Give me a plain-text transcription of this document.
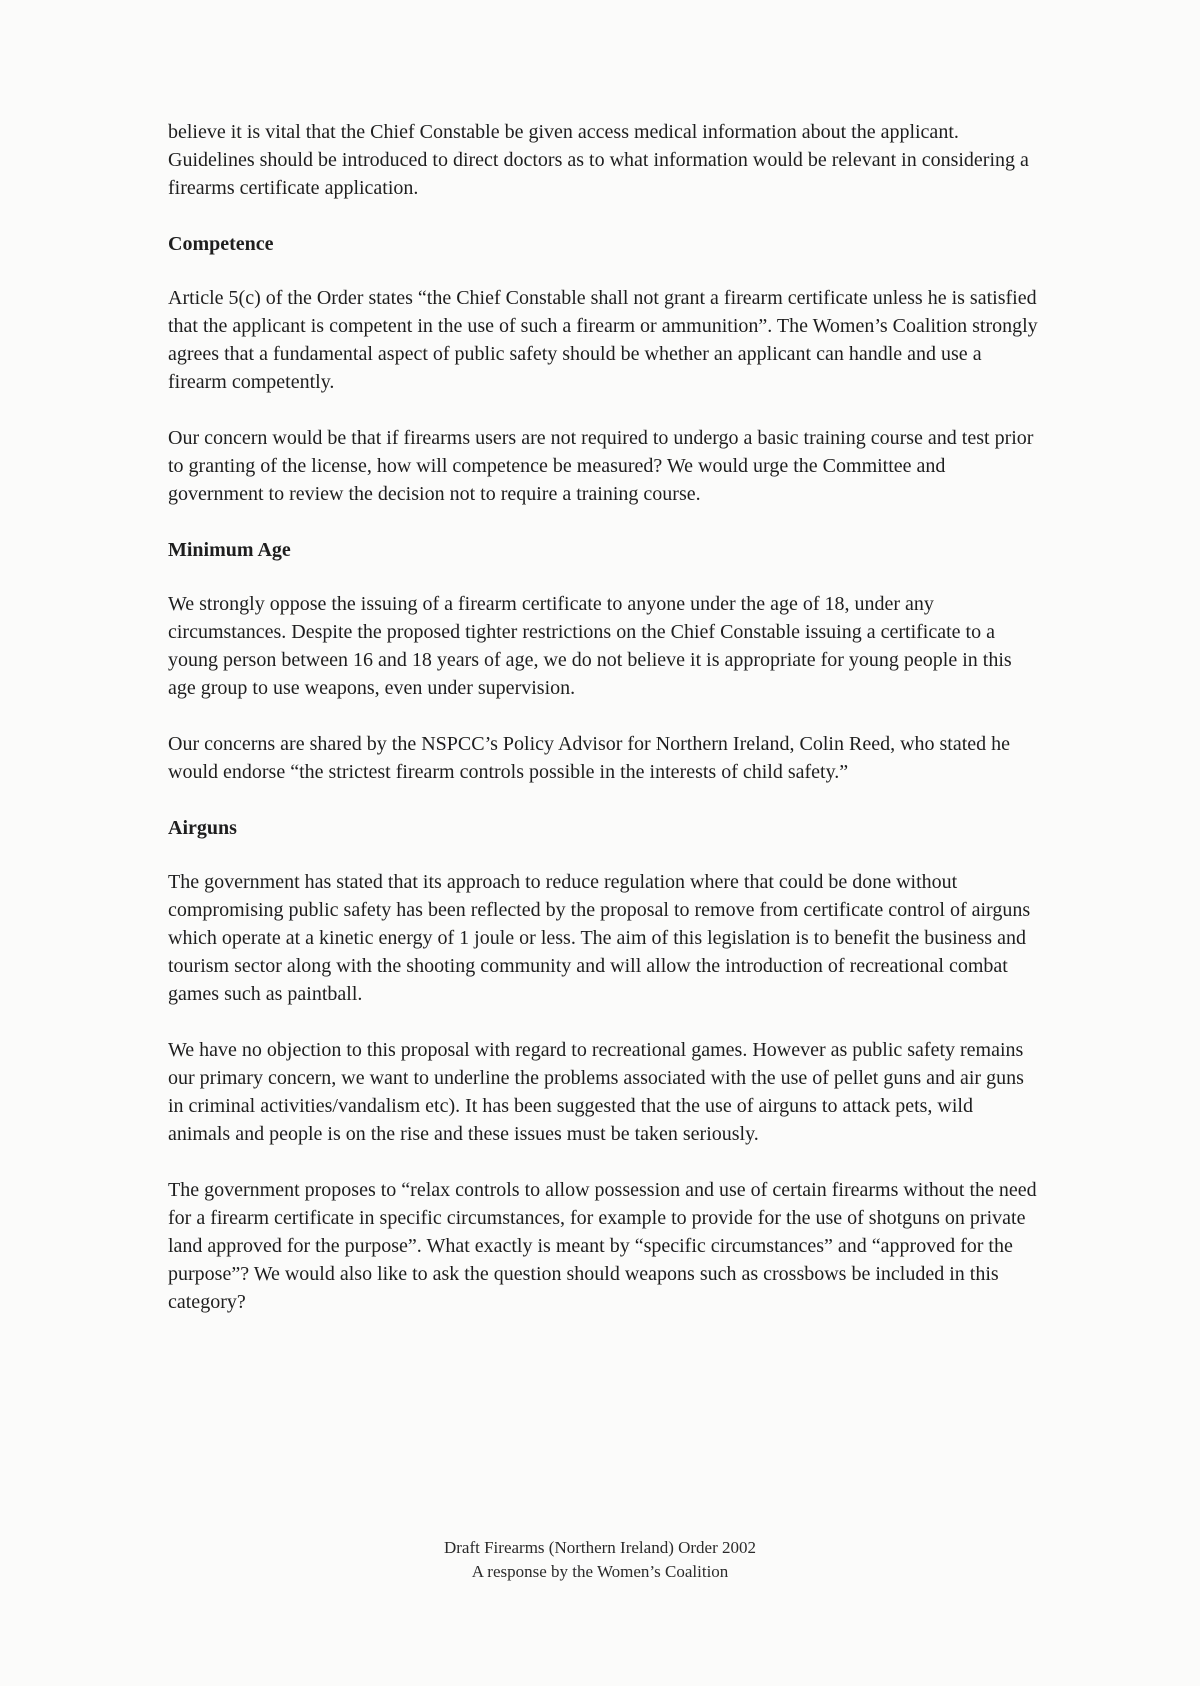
believe it is vital that the Chief Constable be given access medical information about the applicant. Guidelines should be introduced to direct doctors as to what information would be relevant in considering a firearms certificate application.

Competence

Article 5(c) of the Order states “the Chief Constable shall not grant a firearm certificate unless he is satisfied that the applicant is competent in the use of such a firearm or ammunition”. The Women’s Coalition strongly agrees that a fundamental aspect of public safety should be whether an applicant can handle and use a firearm competently.

Our concern would be that if firearms users are not required to undergo a basic training course and test prior to granting of the license, how will competence be measured? We would urge the Committee and government to review the decision not to require a training course.

Minimum Age

We strongly oppose the issuing of a firearm certificate to anyone under the age of 18, under any circumstances. Despite the proposed tighter restrictions on the Chief Constable issuing a certificate to a young person between 16 and 18 years of age, we do not believe it is appropriate for young people in this age group to use weapons, even under supervision.

Our concerns are shared by the NSPCC’s Policy Advisor for Northern Ireland, Colin Reed, who stated he would endorse “the strictest firearm controls possible in the interests of child safety.”

Airguns

The government has stated that its approach to reduce regulation where that could be done without compromising public safety has been reflected by the proposal to remove from certificate control of airguns which operate at a kinetic energy of 1 joule or less. The aim of this legislation is to benefit the business and tourism sector along with the shooting community and will allow the introduction of recreational combat games such as paintball.

We have no objection to this proposal with regard to recreational games. However as public safety remains our primary concern, we want to underline the problems associated with the use of pellet guns and air guns in criminal activities/vandalism etc). It has been suggested that the use of airguns to attack pets, wild animals and people is on the rise and these issues must be taken seriously.

The government proposes to “relax controls to allow possession and use of certain firearms without the need for a firearm certificate in specific circumstances, for example to provide for the use of shotguns on private land approved for the purpose”. What exactly is meant by “specific circumstances” and “approved for the purpose”? We would also like to ask the question should weapons such as crossbows be included in this category?

Draft Firearms (Northern Ireland) Order 2002
A response by the Women’s Coalition
